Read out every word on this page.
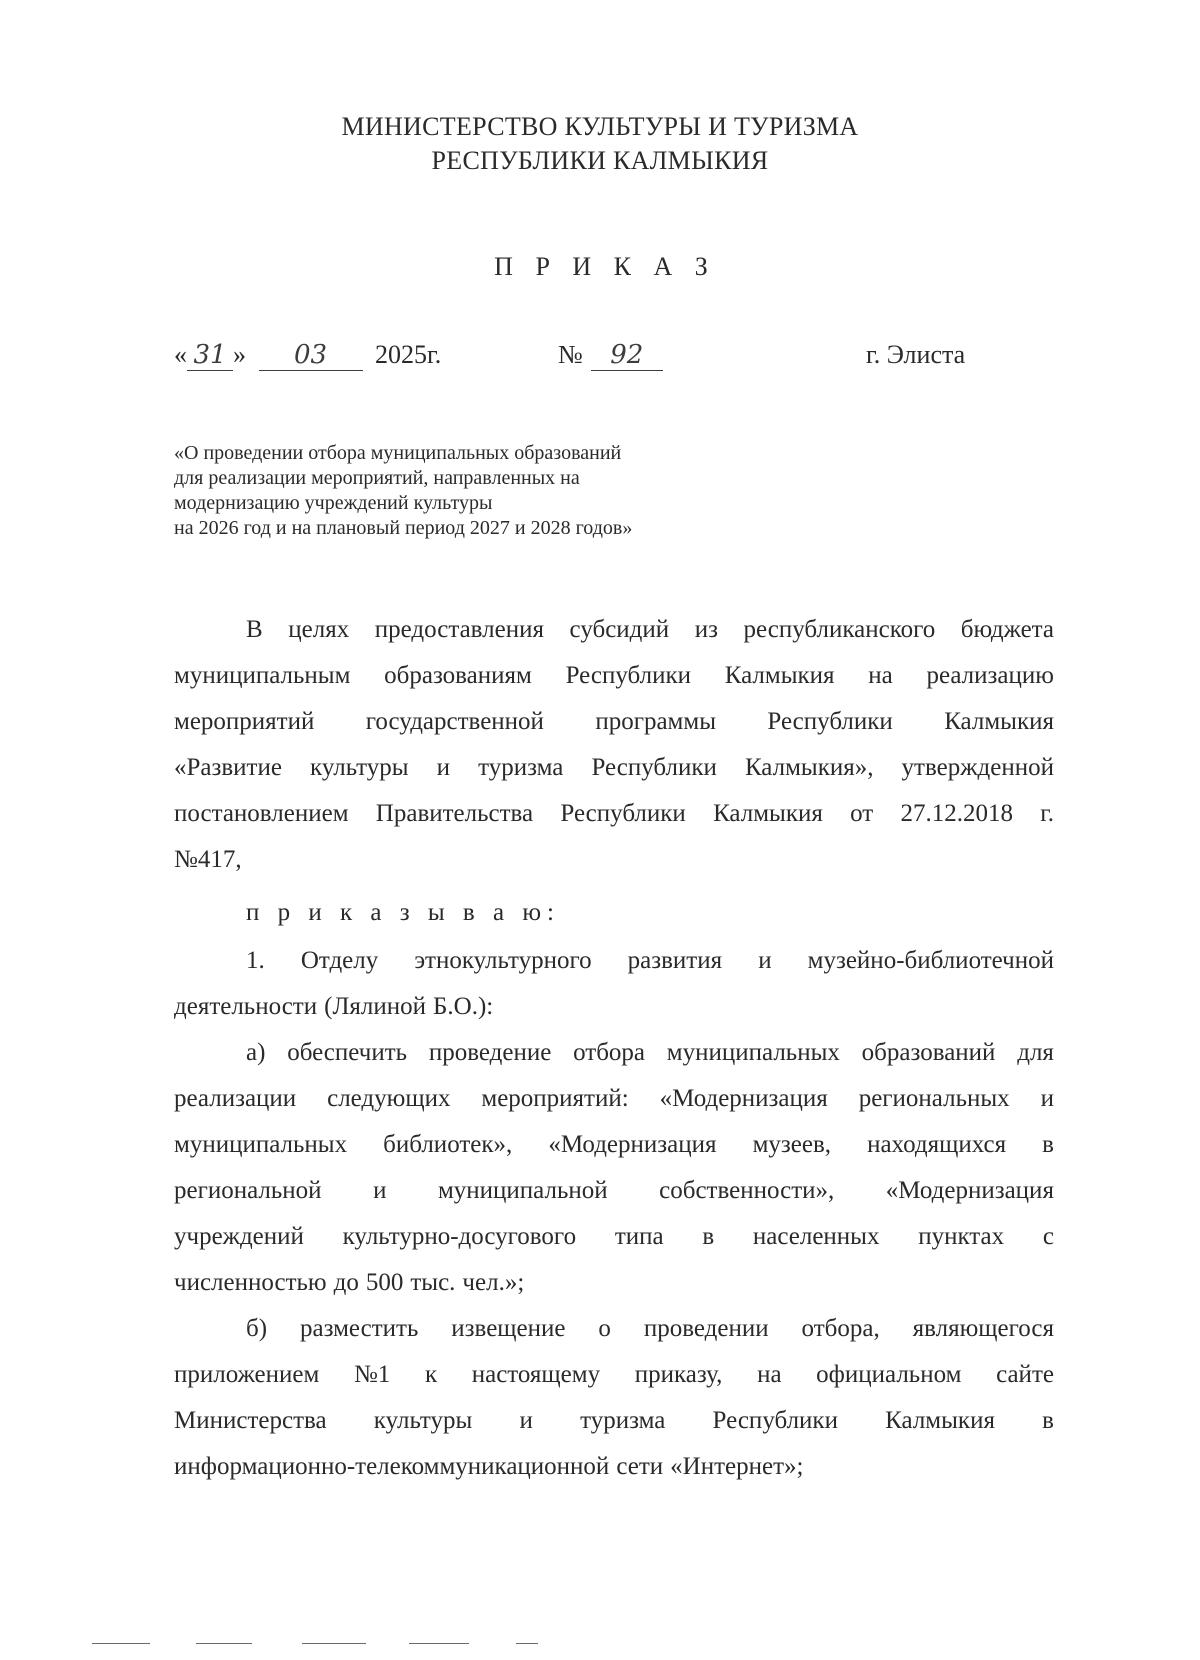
МИНИСТЕРСТВО КУЛЬТУРЫ И ТУРИЗМА
РЕСПУБЛИКИ КАЛМЫКИЯ
П Р И К А З
« 31 » 03 2025г.	№ 92	г. Элиста
«О проведении отбора муниципальных образований
для реализации мероприятий, направленных на
модернизацию учреждений культуры
на 2026 год и на плановый период 2027 и 2028 годов»
В целях предоставления субсидий из республиканского бюджета
муниципальным образованиям Республики Калмыкия на реализацию
мероприятий государственной программы Республики Калмыкия
«Развитие культуры и туризма Республики Калмыкия», утвержденной
постановлением Правительства Республики Калмыкия от 27.12.2018 г.
№417,
п р и к а з ы в а ю:
1. Отделу этнокультурного развития и музейно-библиотечной
деятельности (Лялиной Б.О.):
а) обеспечить проведение отбора муниципальных образований для
реализации следующих мероприятий: «Модернизация региональных и
муниципальных библиотек», «Модернизация музеев, находящихся в
региональной и муниципальной собственности», «Модернизация
учреждений культурно-досугового типа в населенных пунктах с
численностью до 500 тыс. чел.»;
б) разместить извещение о проведении отбора, являющегося
приложением №1 к настоящему приказу, на официальном сайте
Министерства культуры и туризма Республики Калмыкия в
информационно-телекоммуникационной сети «Интернет»;
